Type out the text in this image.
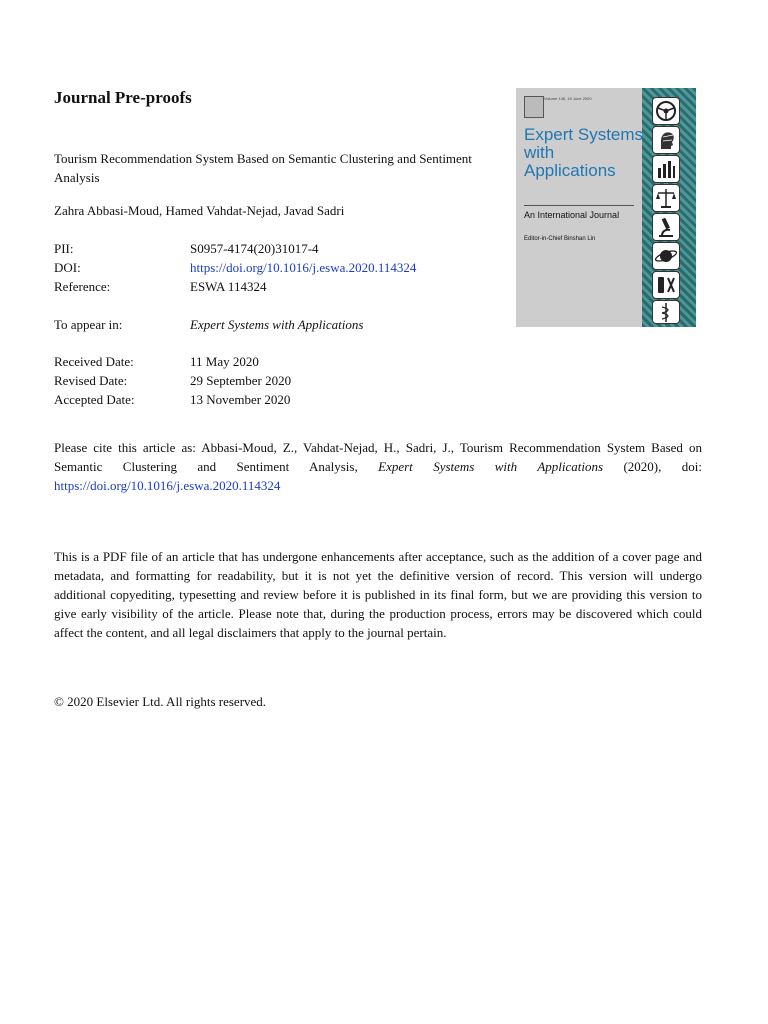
Journal Pre-proofs
Tourism Recommendation System Based on Semantic Clustering and Sentiment Analysis
Zahra Abbasi-Moud, Hamed Vahdat-Nejad, Javad Sadri
PII:	S0957-4174(20)31017-4
DOI:	https://doi.org/10.1016/j.eswa.2020.114324
Reference:	ESWA 114324
To appear in:	Expert Systems with Applications
Received Date:	11 May 2020
Revised Date:	29 September 2020
Accepted Date:	13 November 2020
Please cite this article as: Abbasi-Moud, Z., Vahdat-Nejad, H., Sadri, J., Tourism Recommendation System Based on Semantic Clustering and Sentiment Analysis, Expert Systems with Applications (2020), doi: https://doi.org/10.1016/j.eswa.2020.114324
This is a PDF file of an article that has undergone enhancements after acceptance, such as the addition of a cover page and metadata, and formatting for readability, but it is not yet the definitive version of record. This version will undergo additional copyediting, typesetting and review before it is published in its final form, but we are providing this version to give early visibility of the article. Please note that, during the production process, errors may be discovered which could affect the content, and all legal disclaimers that apply to the journal pertain.
© 2020 Elsevier Ltd. All rights reserved.
Volume 146, 15 June 2020
Expert Systems with Applications
An International Journal
Editor-in-Chief Binshan Lin
